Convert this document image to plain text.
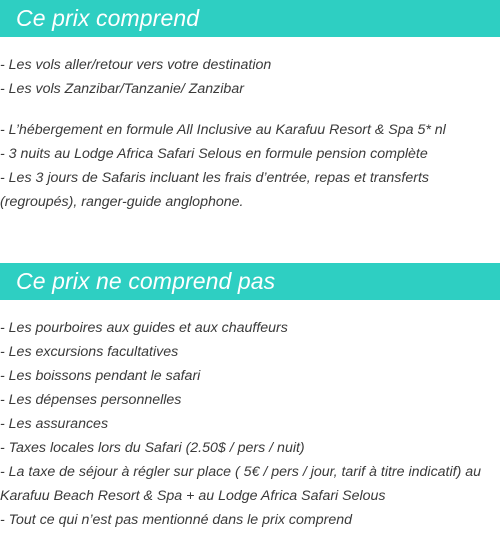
Ce prix comprend
- Les vols aller/retour vers votre destination
- Les vols Zanzibar/Tanzanie/ Zanzibar
- L’hébergement en formule All Inclusive au Karafuu Resort & Spa 5* nl
- 3 nuits au Lodge Africa Safari Selous en formule pension complète
- Les 3 jours de Safaris incluant les frais d’entrée, repas et transferts (regroupés), ranger-guide anglophone.
Ce prix ne comprend pas
- Les pourboires aux guides et aux chauffeurs
- Les excursions facultatives
- Les boissons pendant le safari
- Les dépenses personnelles
- Les assurances
- Taxes locales lors du Safari (2.50$ / pers / nuit)
- La taxe de séjour à régler sur place ( 5€ / pers / jour, tarif à titre indicatif) au Karafuu Beach Resort & Spa + au Lodge Africa Safari Selous
- Tout ce qui n’est pas mentionné dans le prix comprend
